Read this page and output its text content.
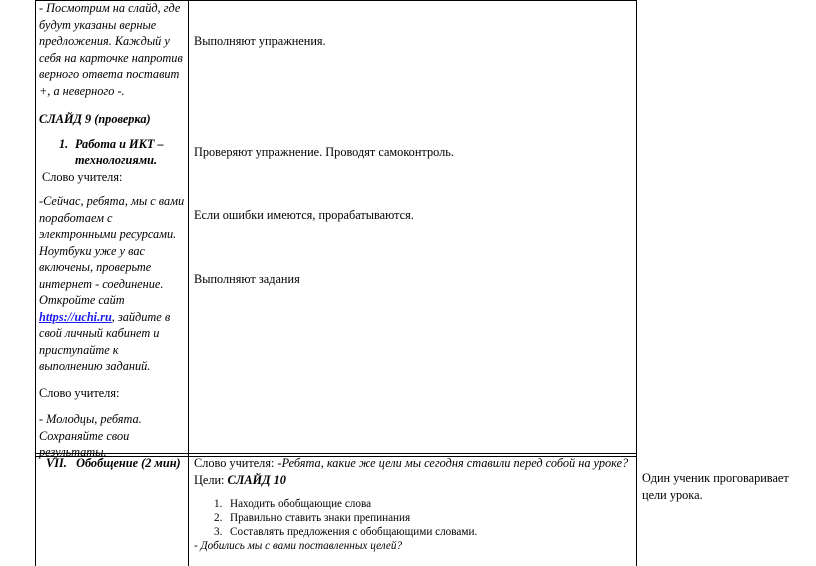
- Посмотрим на слайд, где будут указаны верные предложения. Каждый у себя на карточке напротив верного ответа поставит +, а неверного -.

СЛАЙД 9 (проверка)

1. Работа и ИКТ – технологиями.

Слово учителя:

-Сейчас, ребята, мы с вами поработаем с электронными ресурсами. Ноутбуки уже у вас включены, проверьте интернет - соединение. Откройте сайт https://uchi.ru, зайдите в свой личный кабинет и приступайте к выполнению заданий.

Слово учителя:

- Молодцы, ребята. Сохраняйте свои результаты.

Выполняют упражнения.
Проверяют упражнение. Проводят самоконтроль.
Если ошибки имеются, прорабатываются.
Выполняют задания
VII.   Обобщение (2 мин) Слово учителя: -Ребята, какие же цели мы сегодня ставили перед собой на уроке?

Цели: СЛАЙД 10

1. Находить обобщающие слова
2. Правильно ставить знаки препинания
3. Составлять предложения с обобщающими словами.

- Добились мы с вами поставленных целей?

Один ученик проговаривает цели урока.
